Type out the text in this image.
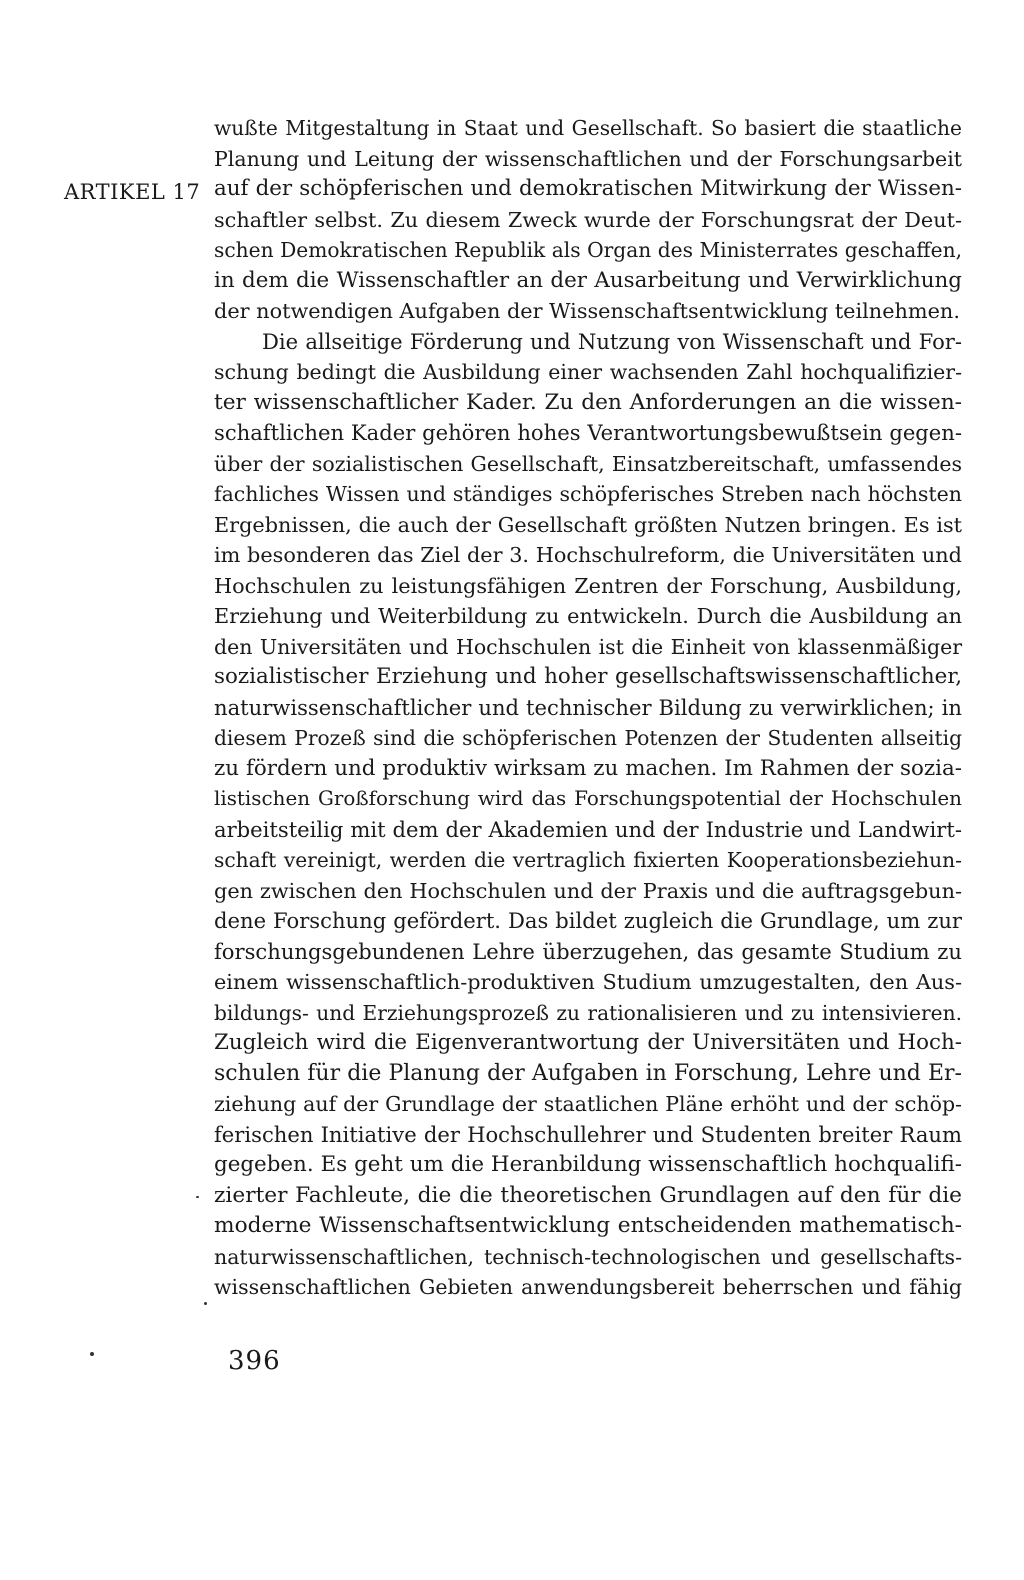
ARTIKEL 17
wußte Mitgestaltung in Staat und Gesellschaft. So basiert die staatliche
Planung und Leitung der wissenschaftlichen und der Forschungsarbeit
auf der schöpferischen und demokratischen Mitwirkung der Wissen-
schaftler selbst. Zu diesem Zweck wurde der Forschungsrat der Deut-
schen Demokratischen Republik als Organ des Ministerrates geschaffen,
in dem die Wissenschaftler an der Ausarbeitung und Verwirklichung
der notwendigen Aufgaben der Wissenschaftsentwicklung teilnehmen.
Die allseitige Förderung und Nutzung von Wissenschaft und For-
schung bedingt die Ausbildung einer wachsenden Zahl hochqualifizier-
ter wissenschaftlicher Kader. Zu den Anforderungen an die wissen-
schaftlichen Kader gehören hohes Verantwortungsbewußtsein gegen-
über der sozialistischen Gesellschaft, Einsatzbereitschaft, umfassendes
fachliches Wissen und ständiges schöpferisches Streben nach höchsten
Ergebnissen, die auch der Gesellschaft größten Nutzen bringen. Es ist
im besonderen das Ziel der 3. Hochschulreform, die Universitäten und
Hochschulen zu leistungsfähigen Zentren der Forschung, Ausbildung,
Erziehung und Weiterbildung zu entwickeln. Durch die Ausbildung an
den Universitäten und Hochschulen ist die Einheit von klassenmäßiger
sozialistischer Erziehung und hoher gesellschaftswissenschaftlicher,
naturwissenschaftlicher und technischer Bildung zu verwirklichen; in
diesem Prozeß sind die schöpferischen Potenzen der Studenten allseitig
zu fördern und produktiv wirksam zu machen. Im Rahmen der sozia-
listischen Großforschung wird das Forschungspotential der Hochschulen
arbeitsteilig mit dem der Akademien und der Industrie und Landwirt-
schaft vereinigt, werden die vertraglich fixierten Kooperationsbeziehun-
gen zwischen den Hochschulen und der Praxis und die auftragsgebun-
dene Forschung gefördert. Das bildet zugleich die Grundlage, um zur
forschungsgebundenen Lehre überzugehen, das gesamte Studium zu
einem wissenschaftlich-produktiven Studium umzugestalten, den Aus-
bildungs- und Erziehungsprozeß zu rationalisieren und zu intensivieren.
Zugleich wird die Eigenverantwortung der Universitäten und Hoch-
schulen für die Planung der Aufgaben in Forschung, Lehre und Er-
ziehung auf der Grundlage der staatlichen Pläne erhöht und der schöp-
ferischen Initiative der Hochschullehrer und Studenten breiter Raum
gegeben. Es geht um die Heranbildung wissenschaftlich hochqualifi-
zierter Fachleute, die die theoretischen Grundlagen auf den für die
moderne Wissenschaftsentwicklung entscheidenden mathematisch-
naturwissenschaftlichen, technisch-technologischen und gesellschafts-
wissenschaftlichen Gebieten anwendungsbereit beherrschen und fähig
396
